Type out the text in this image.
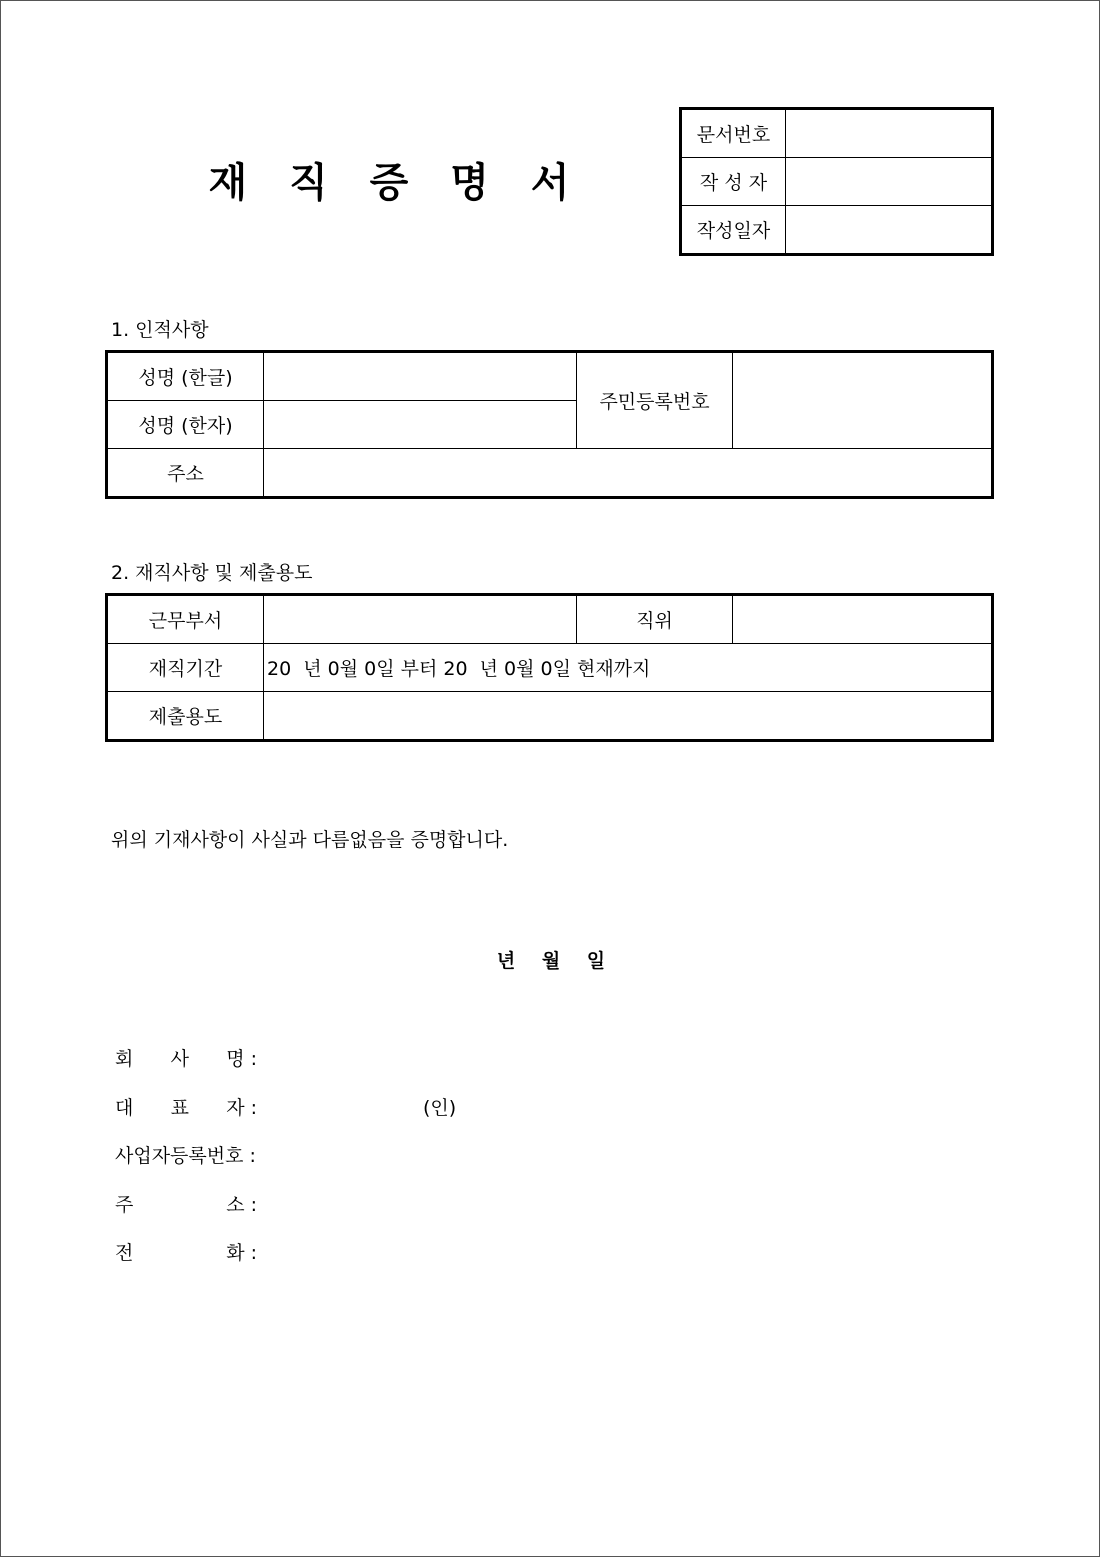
재 직 증 명 서
문서번호	
작 성 자	
작성일자	
1. 인적사항
성명 (한글)		주민등록번호	
성명 (한자)			
주소			
2. 재직사항 및 제출용도
근무부서		직위	
재직기간	20  년 0월 0일 부터 20  년 0월 0일 현재까지		
제출용도			
위의 기재사항이 사실과 다름없음을 증명합니다.
년 월 일
회 사 명 :
대 표 자 :	(인)
사업자등록번호 :
주	소 :
전	화 :
